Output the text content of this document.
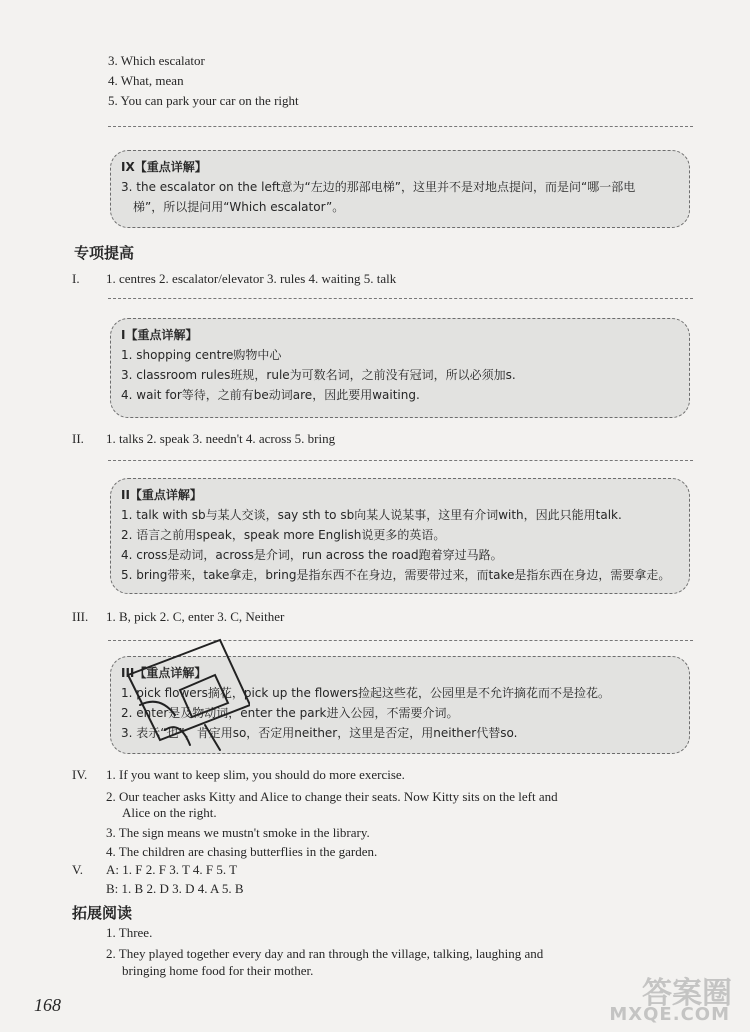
3. Which escalator
4. What, mean
5. You can park your car on the right
IX【重点详解】
3. the escalator on the left意为“左边的那部电梯”，这里并不是对地点提问，而是问“哪一部电
梯”，所以提问用“Which escalator”。
专项提高
I. 1. centres 2. escalator/elevator 3. rules 4. waiting 5. talk
I【重点详解】
1. shopping centre购物中心
3. classroom rules班规，rule为可数名词，之前没有冠词，所以必须加s.
4. wait for等待，之前有be动词are，因此要用waiting.
II. 1. talks 2. speak 3. needn't 4. across 5. bring
II【重点详解】
1. talk with sb与某人交谈，say sth to sb向某人说某事，这里有介词with，因此只能用talk.
2. 语言之前用speak，speak more English说更多的英语。
4. cross是动词，across是介词，run across the road跑着穿过马路。
5. bring带来，take拿走，bring是指东西不在身边，需要带过来，而take是指东西在身边，需要拿走。
III. 1. B, pick 2. C, enter 3. C, Neither
III【重点详解】
1. pick flowers摘花，pick up the flowers捡起这些花，公园里是不允许摘花而不是捡花。
2. enter是及物动词，enter the park进入公园，不需要介词。
3. 表示“也”，肯定用so，否定用neither，这里是否定，用neither代替so.
IV. 1. If you want to keep slim, you should do more exercise.
2. Our teacher asks Kitty and Alice to change their seats. Now Kitty sits on the left and
Alice on the right.
3. The sign means we mustn't smoke in the library.
4. The children are chasing butterflies in the garden.
V. A: 1. F 2. F 3. T 4. F 5. T
B: 1. B 2. D 3. D 4. A 5. B
拓展阅读
1. Three.
2. They played together every day and ran through the village, talking, laughing and
bringing home food for their mother.
168	答案圈
MXQE.COM
